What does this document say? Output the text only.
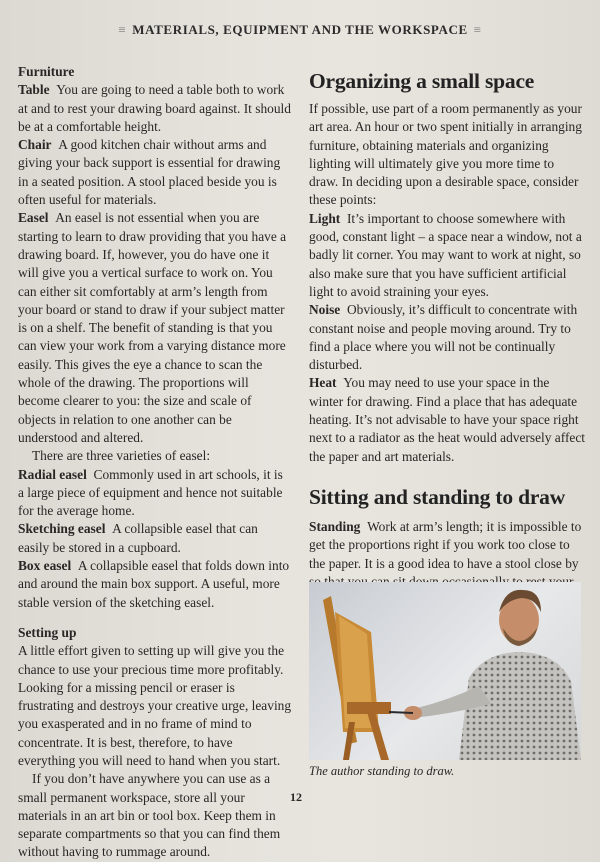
≡ MATERIALS, EQUIPMENT AND THE WORKSPACE ≡
Furniture

Table You are going to need a table both to work at and to rest your drawing board against. It should be at a comfortable height.

Chair A good kitchen chair without arms and giving your back support is essential for drawing in a seated position. A stool placed beside you is often useful for materials.

Easel An easel is not essential when you are starting to learn to draw providing that you have a drawing board. If, however, you do have one it will give you a vertical surface to work on. You can either sit comfortably at arm’s length from your board or stand to draw if your subject matter is on a shelf. The benefit of standing is that you can view your work from a varying distance more easily. This gives the eye a chance to scan the whole of the drawing. The proportions will become clearer to you: the size and scale of objects in relation to one another can be understood and altered.

There are three varieties of easel:

Radial easel Commonly used in art schools, it is a large piece of equipment and hence not suitable for the average home.

Sketching easel A collapsible easel that can easily be stored in a cupboard.

Box easel A collapsible easel that folds down into and around the main box support. A useful, more stable version of the sketching easel.

Setting up

A little effort given to setting up will give you the chance to use your precious time more profitably. Looking for a missing pencil or eraser is frustrating and destroys your creative urge, leaving you exasperated and in no frame of mind to concentrate. It is best, therefore, to have everything you will need to hand when you start.

If you don’t have anywhere you can use as a small permanent workspace, store all your materials in an art bin or tool box. Keep them in separate compartments so that you can find them without having to rummage around.

Organizing a small space

If possible, use part of a room permanently as your art area. An hour or two spent initially in arranging furniture, obtaining materials and organizing lighting will ultimately give you more time to draw. In deciding upon a desirable space, consider these points:

Light It’s important to choose somewhere with good, constant light – a space near a window, not a badly lit corner. You may want to work at night, so also make sure that you have sufficient artificial light to avoid straining your eyes.

Noise Obviously, it’s difficult to concentrate with constant noise and people moving around. Try to find a place where you will not be continually disturbed.

Heat You may need to use your space in the winter for drawing. Find a place that has adequate heating. It’s not advisable to have your space right next to a radiator as the heat would adversely affect the paper and art materials.

Sitting and standing to draw

Standing Work at arm’s length; it is impossible to get the proportions right if you work too close to the paper. It is a good idea to have a stool close by

The author standing to draw.
12
